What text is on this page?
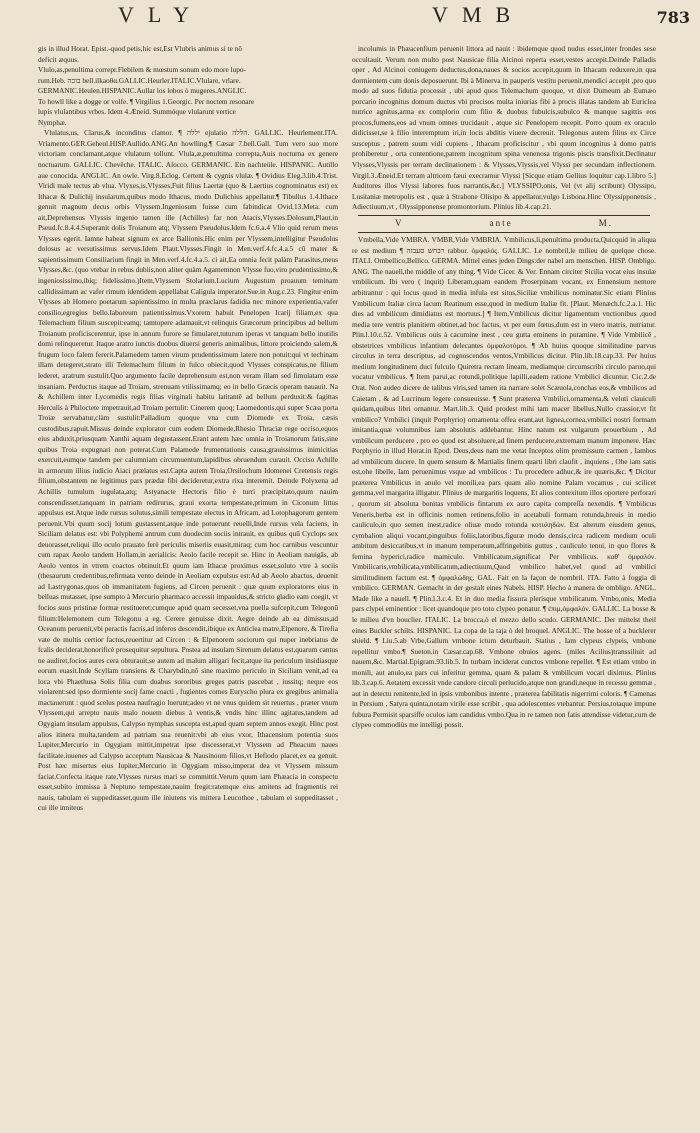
VLY	VMB	783
gis in illud Horat. Epist.-quod petis,hic est,Est Vlubris animus si te nō
deficit æquus.
Vlulo,as,penultima correpr.Flebilem & mœstum sonum edo more lupo-
rum.Heb. בוכה bell.ilkaoθα.GALLIC.Heurler.ITALIC.Vlulare, vrlare.
GERMANIC.Heulen.HISPANIC.Aullar los lobos ò mugeres.ANGLIC.
To howll like a dogge or volfe. ¶ Virgilius 1.Georgic. Per noctem resonare
lupis vlulantibus vrbes. Idem 4.Æneid. Summóque vlularunt vertice
Nymphæ.

Vlulatus,us, Clarus,& inconditus clamor. ¶ יללה ejulatio הללה. GALLIC. Heurlement.ITA. Vrlamento.GER.Geheul.HISP.Aullido.ANG.An howlling.¶ Cæsar 7.bell.Gall. Tum vero suo more victoriam conclamant,atque vlulatum tollunt. Vlula,æ,penultima correpta,Auis nocturna ex genere noctuarum. GALLIC. Chevêche. ITALIC. Alocco. GERMANIC. Ein nachteüle. HISPANIC. Autillo aue conocida. ANGLIC. An owle. Virg.8.Eclog. Certent & cygnis vlulæ. ¶ Ovidius Eleg.3.lib.4.Trist. Viridi male tectus ab vlua. Vlyxes,is,Vlysses,Fuit filius Laertæ (quo & Laertius cognominatus est) ex Ithacæ & Dulichij insularum,quibus modo Ithacus, modo Dulichius appellatur.¶ Tibullus 1.4.Ithace genuit magnum decus orbis Vlyssem.Ingeniosum fuisse cum fabindicat Ovid.13.Meta. cum ait,Deprehensus Vlyssis ingenio tamen ille (Achilles) far non Atacis,Vlysses.Dolosum,Plaut.in Pseud.fc.8.4.4.Superanit dolis Troianum atq; Vlyssem Pseudolus.Idem fc.6.a.4 Vlio quid rerum meus Vlysses egerit. Iamne habeat signum ex arce Ballionis.Hic enim per Vlyssem,intelligitur Pseudolus dolosus ac versutissimus servus.Idem Plaut.Vlysses.Fingit in Men.verf.4.fc.4.a.5 cū mater & sapientissimum Consiliarium fingit in Men.verf.4.fc.4.a.5. ci ait,Ea omnia fecit palàm Parasitus,meus Vlysses,&c. (quo vtebar in rebus dubiis,non aliter quàm Agamemnon Vlysse fuo,viro prudentissimo,& ingeniosissimo,ibiq; fidelissimo.)Item,Vlyssem Stolarium.Lucium Augustum proauum teminam callidissimam ac vafer rimum identidem appellabat Caligula imperator.Sue.in Aug.c.23. Fingitur enim Vlysses ab Homero poetarum sapientissimo in multa præclarus fadidia nec minore experientia,vafer consilio,egregius bello.Iaboreum patientissimus.Vxorem habuit Penelopen Icarij filiam,ex qua Telemachum filium suscepit:eamq; tamtopere adamauit,vt relinquis Græcorum principibus ad bellum Troianum proficiscerentur, ipse in annum furore se fimularet,tuturum iperas vt tanquam bello inutilis domi relinqueretur. Itaque aratro iunctis duobus diuersi generis animalibus, littore proiciendo salem,& frugum loco falem fererit.Palamedem tamen virum prudentissimum latere non potuit:qui vt techinam illam detegeret,strato illi Telemachum filium in fulco obiecit,quod Vlysses conspicatus,ne filium lederet, aratrum sustulit.Quo argumento facile deprehensum est,non veram illam sed fimulatam esse insaniam. Perductus itaque ad Troiam, strenuam vtilissimamq; eo in bello Græcis operam nauauit. Na & Achillem inter Lycomedis regis filias virginali habitu latitantē ad bellum perduxit:& fagittas Herculis à Philoctete impetrauit,ad Troiam pertulit: Cinerem quoq; Laomedontis,qui super Scæa porta Troiæ servabatur,clàm sustulit:Palladium quoque vna cum Diomede ex Troia, cæsis custodibus,rapuit.Missus deinde explorator cum eodem Diomede,Rhesio Thraciæ rege occiso,equos eius abduxit,priusquam Xanthi aquam degustassent.Erant autem hæc omnia in Troianorum fatis,sine quibus Troia expugnari non poterat.Cum Palamede frumentationis causa,grauissimus inimicitias exercuit,eumque tandem per calumniam circumuentum,lapidibus obruendum curauit. Occiso Achille in armorum illius iudicio Aiaci prælatus est.Capta autem Troia,Orsilochum Idomenei Cretensis regis filium,obstantem ne legitimus pars prædæ fibi decideretur,extra rixa interemit. Deinde Polyxena ad Achillis tumulum iugulata,atq; Astyanacte Hectoris filio è turri præcipitato,quum nauim conscendisset,tanquam in patriam redirurus, graui exorta tempestate,primum in Ciconum littus appulsus est.Atque inde rursus solutus,simili tempestate electus in Africam, ad Lotophagorum gentem peruenit.Vbi quum socij lotum gustassent,atque inde potuerunt reuelli,Inde rursus vela faciens, in Siciliam delatus est: vbi Polyphemi antrum cum duodecim sociis intrauit, ex quibus quū Cyclops sex deuorasset,reliqui illo oculo prauato ferè periculis miseriis euasit,miraq; cum hoc carnibus vescuntur cum rapax Aeolo tandem Hollam,in aerialicis: Aeolo facile recepit se. Hinc in Aeoliam nauigās, ab Aeolo ventos in vtrem coactos obtinuit.Et quum iam Ithacæ proximus esset,soluto vtre à sociis (thesaurum credentibus,refirmata vento deinde in Aeoliam expulsus est:Ad ab Aeolo abactus, deuenit ad Lastrygonas,quos ob immanitatem fugiens, ad Circen peruenit : quæ quum exploratores eius in belluas mutasset, ipse sumpto à Mercurio pharmaco accessit impauidus,& stricto gladio eam coegit, vt focios suos pristinæ formæ restitueret;cumque apud quam secesset,vna puella sufcepit,cum Telegonū filium:Helemonem cum Telegonu a eg. Cerere genuisse dixit. Aegre deinde ab ea dimissus,ad Oceanum peruenit,vbi peractis facris,ad inferos descendit,ibique ex Anticlea matre,Elpenore, & Tirefia vate de multis certior factus,reuertitur ad Circen : & Elpenorem sociorum qui nuper inebriatus de fcalis deciderat,honorificè prosequitur sepultura. Postea ad insulam Sirenum delatus est,quarum cantus ne audiret,focios aures cera obturauit,se autem ad malum alligari fecit,atque ita periculum insidiasque eorum euasit.Inde Scyllam transiens & Charybdin,nō sine maximo periculo in Siciliam venit,ad ea loca vbi Phaethusa Solis filia cum duabus sororibus greges patris pascebat , iussitq; neque eos violarent:sed ipso dormiente socij fame coacti , fugientes comes Euryscho plura ex gregibus animalia mactauerunt : quod scelus postea naufragio luerunt;adeo vt ne vnus quidem sit reuertus , præter vnum Vlyssem,qui arrepto nauis malo nouem diebus à ventis,& vndis hinc illinc agitatus,tandem ad Ogygiam insulam appulsus, Calypso nymphas suscepta est,apud quam septem annos exegit. Hinc post alios itinera multa,tandem ad patriam sua reuenit:vbi ab eius vxor, Ithacensium potentia suos Lupiter,Mercurio in Ogygiam mittit,impetrat ipse discesserat,vt Vlyssem ad Pheacum naues facilitate.iuuenes ad Calypso acceptum Nausicaa & Nausinoum filios,vt Hefiodo placet,ex ea genuit. Post hæc misertus eius Iupiter,Mercurio in Ogygiam misso,imperat dea vt Vlyssem missum faciat.Confecta itaque rate,Vlysses rursus mari se committit.Verum quum iam Phæacia in conspectu esset,subito immissa à Neptuno tempestate,nauim fregit:ratemque eius amitens ad fragmentis rei nauis, tabulam ei suppeditasset,quum ille iniutens vis mittera Leucothoe , tabulam ei suppeditasset , cui ille inniteus

incolumis in Phæacenfium peruenit littora ad nauit : ibidemque quod nudus esset,inter frondes sese occultauit. Verum non multo post Nausicae filia Alcinoi reperta esset,vestes accepit.Deinde Palladis oper , Ad Alcinoi coniugem deductus,dona,naues & socios accepit,quum in Ithacam reduxere,in qua dormientem cum donis deposuerunt. Ibi à Minerva in pauperis vestitu peruenit,mendici accepit ,pro quo modo ad suos fidutia processit , ubi apud quos Telemachum quoque, vt dixit Dumeum ab Eumæo porcario incognitus domum ductus vbi procisos multa iniurias fibi à procis illatas tandem ab Euriclea nutrice agnitus,arma ex complorio cum filio & duobus fubulcis,subulco & manque sagittis eos procos,fumens,eos ad vnum omnes trucidauit , atque sic Penelopem recepit. Porro quum ex oraculo didicisset,se à filio interemptum iri,in locis abditis viuere decreuit. Telegonus autem filius ex Circe susceptus , patrem suum vidi cupiens , Ithacam proficiscitur , vbi quum incognitus à domo patris prohiberetur , orta contentione,patrem incognitum spina venenosa trigonis piscis transfixit.Declinatur Vlysses,Vlyssis per terram declinationem : & Vlysses,Vlyssis,vel Vlyssi per secundam inflectionem. Virgil.3.Æneid.Et terram altricem fæui execramur Vlyssi [Sicque etiam Gellius loquitur cap.1.libro 5.] Auditores illos Vlyssi labores fuos narrantis,&c.] VLYSSIPO,onis, Vel (vt alij scribunt) Olyssipo, Lusitaniæ metropolis est , quæ à Strabone Olisipo & appellatur,vulgo Lisbona.Hinc Olyssipponensis , Adiectiuum,vt , Olyssipponense promontorium. Plinius lib.4.cap.21.

V	ante	M.

Vmbella,Vide VMBRA. VMBR,Vide VMBRIA. Vmbilicus,li,penultima producta,Quicquid in aliqua re est medium ¶ רבחש סעבזה rabbur. ὀμφαλός. GALLIC. Le nombril,le milieu de quelque chose. ITALI. Ombellico,Bellico. GERMA. Mittel eines jeden Dings:der nabel am menschen. HISP. Ombligo. ANG. The nauell,the middle of any thing. ¶ Vide Cicer. & Ver. Ennam circiter Sicilia vocat eius insulæ vmbilicum. Ibi vero ( inquit) Liberam,quam eandem Proserpinam vocant, ex Ennensium nemore arbitrantur : qui locus quod in media infula est situs,Siciliæ vmbilicus nominatur.Sic etiam Plinius Vmbilicum Italiæ circa lacum Reatinum esse,quod in medium Italiæ fit. [Plaut. Menæch.fc.2.a.1. Hic dies ad vmbilicum dimidiatus est mortuus.] ¶ Item,Vmbilicus dicitur ligamentum vnctionibus ,quod media tere ventris planitiem obtinet,ad hoc factus, vt per eum fœtus,dum est in vtero matris, nutriatur. Plin.l.10.c.52. Vmbilicus ouis à cacumine inest , ceu gutta eminens in putamine. ¶ Vide Vmbilicē , obstetrices vmbilicus infantium delecantes ὀμφαλοτόμοι. ¶ Ab huius quoque similitudine parvus circulus in terra descriptus, ad cognoscendos ventos,Vmbilicus dicitur. Plin.lib.18.cap.33. Per huius medium longitudinem duci fulculo Quiretra rectam lineam, mediamque circumscribi circulo paruo,qui vocatur vmbilicus. ¶ Item parui,ac rotundi,politique lapilli,eadem ratione Vmbilici dicuntur. Cic.2.de Orat. Non audeo dicere de talibus viris,sed tamen ita narrare solet Scæuola,conchas eos,& vmbilicos ad Caietam , & ad Lucrinum legere consueuisse. ¶ Sunt præterea Vmbilici,ornamenta,& veluti clauiculi quidam,quibus libri ornantur. Mart.lib.3. Quid prodest mihi tam macer libellus,Nullo crassior,vt fit vmbilico? Vmbilici (inquit Porphyrio) ornamenta offea erant,aut lignea,cornea,vmbilici nostri formam imitantia,quæ volumnibus iam absolutis addebantur. Hinc natum est vulgarum prouerbium , Ad vmbilicum perducere , pro eo quod est absoluere,ad finem perducere,extremam manum imponere. Hæc Porphyrio in illud Horat.in Epod. Deus,deus nam me vetat Inceptos olim promissum carmen , Iambos ad vmbilicum ducere. In quem sensum & Martialis finem quarti libri claufit , inquiens , Ohe iam satis est,ohe libelle, Iam peruenimus vsque ad vmbilicos : Tu procedere adhuc,& ire quæris,&c. ¶ Dicitur præterea Vmbilicus in anulo vel monili,ea pars quam alio nomine Palam vocamus , cui scilicet gemma,vel margarita illigatur. Plinius de margaritis loquens, Et alios contexitum illos oportere perforari , quorum sit absoluta bonitas vmbilicis fintarum ex auro capita compreſſa nexendis. ¶ Vmbilicus Veneris,herba est in officinis nomen retinens,folio in acetabuli formam rotunda,breuis in medio cauliculo,in quo semen inest,radice oliuæ modo rotunda κοτυληδὼν. Est alterum eiusdem genus, cymbalion aliqui vocant,pinguibus foliis,latoribus,figuræ modo densis,circa radicem medium oculi ambitum desiccatibus,vt in manum temperatum,affringebitis guttus , cauliculo tenui, in quo flores & femina hyperici,radice mamiculo. Vmbilicatum,significat Per vmbilicus. καθ' ὀμφαλόν. Vmbilicaris,vmbilicata,vmbilicatum,adiectiuum,Quod vmbilico habet,vel quod ad vmbilici similitudinem factum est. ¶ ὀμφαλώδης. GAL. Fait en la façon de nombril. ITA. Fatto à foggia di vmbilico. GERMAN. Gemacht in der gestalt eines Nabels. HISP. Hecho à manera de ombligo. ANGL. Made like a nauell. ¶ Plin.l.3.c.4. Et in duo media fissura plerisque vmbilicatum. Vmbo,onis, Media pars clypei eminentior : licet quandoque pro toto clypeo ponatur. ¶ ἐπιμ,ὀμφαλόν. GALLIC. La bosse & le milieu d'vn bouclier. ITALIC. La brocca,ò el mezzo dello scudo. GERMANIC. Der mittelst theil eines Buckler schilts. HISPANIC. La copa de la taja ò del broquel. ANGLIC. The bosse of a bucklerer shield. ¶ Liu.5.ab Vrbe,Gallum vmbone ictum deturbauit. Statius , Iam clypeus clypeis, vmbone repellitur vmbo.¶ Sueton.in Cæsar.cap.68. Vmbone obuios agens. (miles Acilius)transsiliuit ad nauem,&c. Martial.Epigram.93.lib.5. In turbam inciderat cunctos vmbone repellet. ¶ Est etiam vmbo in monili, aut anulo,ea pars cui inferitur gemma, quam & palam & vmbilicum vocari diximus. Plinius lib.3.cap.6. Aetatem excessit vnde candore circuli perlucido,atque non grandi,neque in recessu gemmæ , aut in detectu renitente,led in ipsis vmbonibus intente , præterea fabilitatis nigerrimi coloris. ¶ Camenas in Persium , Satyra quinta,notam virile esse scribit , qua adolescentes vtebantur. Persius,totaque impune fubura Permisit sparsiffe oculos iam candidus vmbo.Qua in re tamen non fatis attendisse videtur,cum de clypeo commodiùs me intelligi possit.
